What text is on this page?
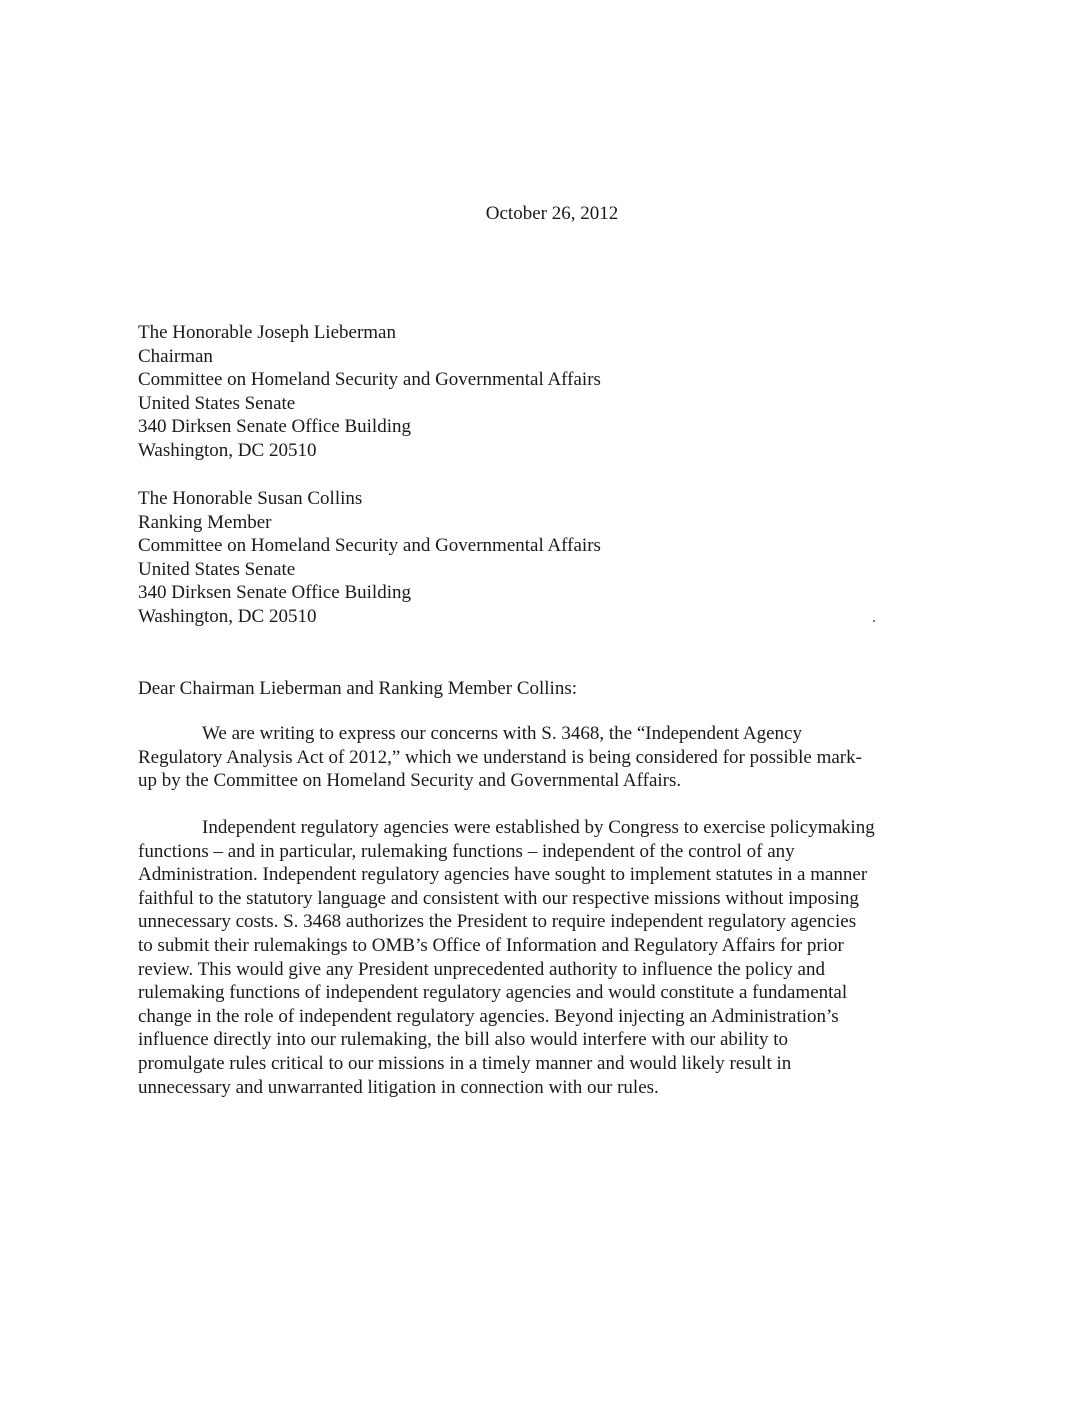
October 26, 2012
The Honorable Joseph Lieberman
Chairman
Committee on Homeland Security and Governmental Affairs
United States Senate
340 Dirksen Senate Office Building
Washington, DC 20510
The Honorable Susan Collins
Ranking Member
Committee on Homeland Security and Governmental Affairs
United States Senate
340 Dirksen Senate Office Building
Washington, DC 20510
Dear Chairman Lieberman and Ranking Member Collins:
We are writing to express our concerns with S. 3468, the “Independent Agency
Regulatory Analysis Act of 2012,” which we understand is being considered for possible mark-
up by the Committee on Homeland Security and Governmental Affairs.
Independent regulatory agencies were established by Congress to exercise policymaking
functions – and in particular, rulemaking functions – independent of the control of any
Administration. Independent regulatory agencies have sought to implement statutes in a manner
faithful to the statutory language and consistent with our respective missions without imposing
unnecessary costs. S. 3468 authorizes the President to require independent regulatory agencies
to submit their rulemakings to OMB’s Office of Information and Regulatory Affairs for prior
review. This would give any President unprecedented authority to influence the policy and
rulemaking functions of independent regulatory agencies and would constitute a fundamental
change in the role of independent regulatory agencies. Beyond injecting an Administration’s
influence directly into our rulemaking, the bill also would interfere with our ability to
promulgate rules critical to our missions in a timely manner and would likely result in
unnecessary and unwarranted litigation in connection with our rules.
